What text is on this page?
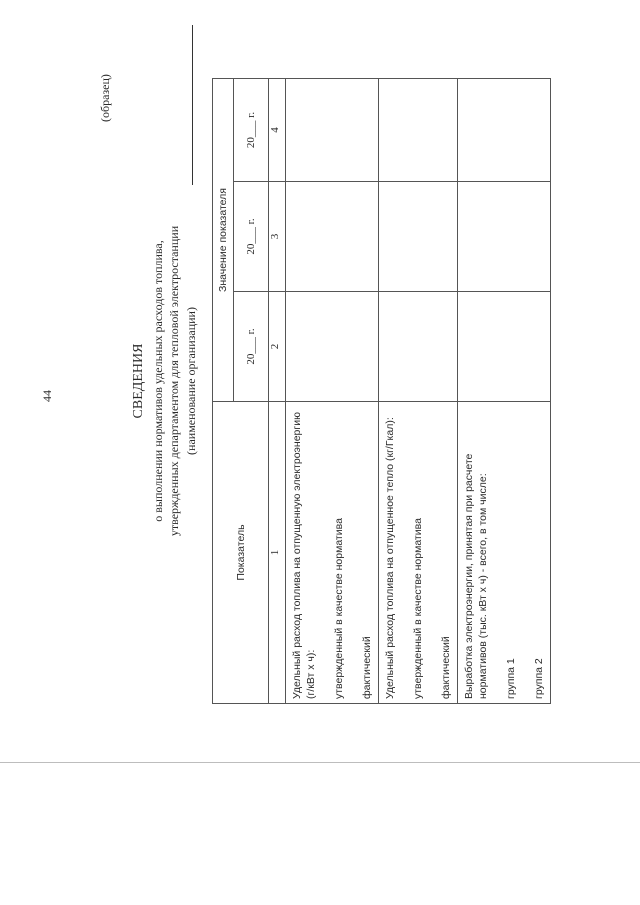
44
(образец)
СВЕДЕНИЯ о выполнении нормативов удельных расходов топлива, утвержденных департаментом для тепловой электростанции (наименование организации)
Показатель	Значение показателя		
	20___ г.	20___ г.	20___ г.
1	2	3	4

Удельный расход топлива на отпущенную электроэнергию (г/кВт х ч): утвержденный в качестве норматива фактический			

Удельный расход топлива на отпущенное тепло (кг/Гкал): утвержденный в качестве норматива фактический			

Выработка электроэнергии, принятая при расчете нормативов (тыс. кВт х ч) - всего, в том числе: группа 1 группа 2			
